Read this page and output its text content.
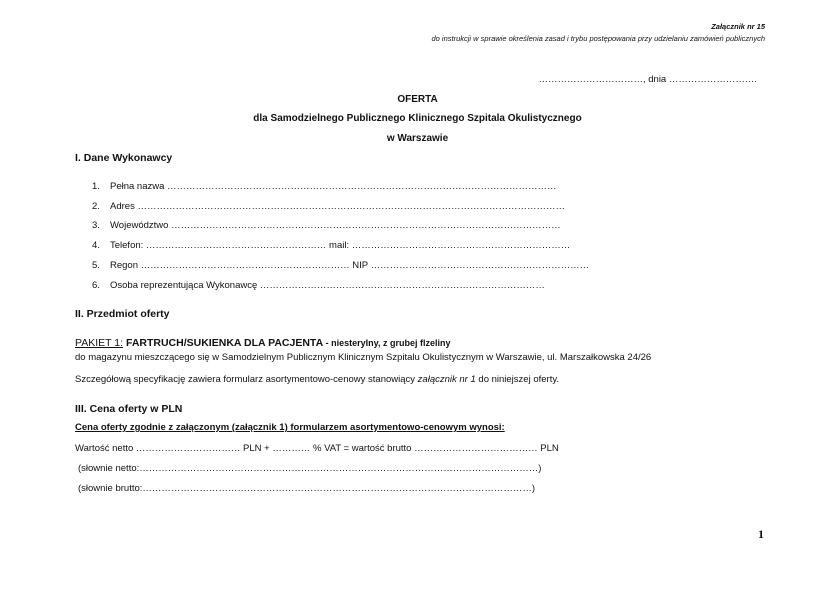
Załącznik nr 15
do instrukcji w sprawie określenia zasad i trybu postępowania przy udzielaniu zamówień publicznych
……………………………, dnia ……………………….
OFERTA
dla Samodzielnego Publicznego Klinicznego Szpitala Okulistycznego
w Warszawie
I. Dane Wykonawcy
1. Pełna nazwa ……………………………………………………………………………………………………………
2. Adres ………………………………………………………………………………………………………………………
3. Województwo ……………………………………………………………………………………………………………
4. Telefon: ………………………………………………… mail: ……………………………………………………………
5. Regon ………………………………………………………… NIP ……………………………………………………………
6. Osoba reprezentująca Wykonawcę ………………………………………………………………………………
II. Przedmiot oferty
PAKIET 1: FARTRUCH/SUKIENKA DLA PACJENTA - niesteryIny, z grubej flzeliny
do magazynu mieszczącego się w Samodzielnym Publicznym Klinicznym Szpitalu Okulistycznym w Warszawie, ul. Marszałkowska 24/26
Szczegółową specyfikację zawiera formularz asortymentowo-cenowy stanowiący załącznik nr 1 do niniejszej oferty.
III. Cena oferty w PLN
Cena oferty zgodnie z załączonym (załącznik 1) formularzem asortymentowo-cenowym wynosi:
Wartość netto …………………………… PLN + ………… % VAT = wartość brutto ………………………………… PLN
(słownie netto:………………………………………………………………………………………………………………)
(słownie brutto:……………………………………………………………………………………………………………)
1
